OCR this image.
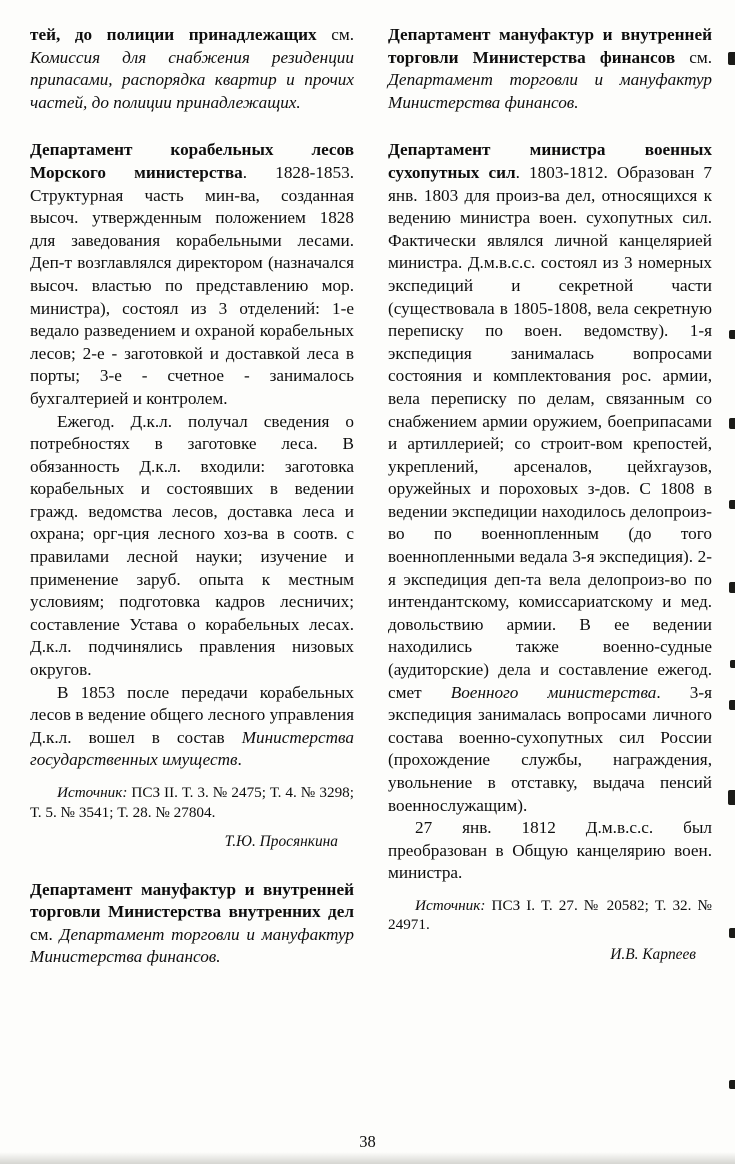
тей, до полиции принадлежащих см. Комиссия для снабжения резиденции припасами, распорядка квартир и прочих частей, до полиции принадлежащих.

Департамент корабельных лесов Морского министерства. 1828-1853. Структурная часть мин-ва, созданная высоч. утвержденным положением 1828 для заведования корабельными лесами. Деп-т возглавлялся директором (назначался высоч. властью по представлению мор. министра), состоял из 3 отделений: 1-е ведало разведением и охраной корабельных лесов; 2-е - заготовкой и доставкой леса в порты; 3-е - счетное - занималось бухгалтерией и контролем.

Ежегод. Д.к.л. получал сведения о потребностях в заготовке леса. В обязанность Д.к.л. входили: заготовка корабельных и состоявших в ведении гражд. ведомства лесов, доставка леса и охрана; орг-ция лесного хоз-ва в соотв. с правилами лесной науки; изучение и применение заруб. опыта к местным условиям; подготовка кадров лесничих; составление Устава о корабельных лесах. Д.к.л. подчинялись правления низовых округов.

В 1853 после передачи корабельных лесов в ведение общего лесного управления Д.к.л. вошел в состав Министерства государственных имуществ.

Источник: ПСЗ II. Т. 3. № 2475; Т. 4. № 3298; Т. 5. № 3541; Т. 28. № 27804.

Т.Ю. Просянкина

Департамент мануфактур и внутренней торговли Министерства внутренних дел см. Департамент торговли и мануфактур Министерства финансов.

Департамент мануфактур и внутренней торговли Министерства финансов см. Департамент торговли и мануфактур Министерства финансов.

Департамент министра военных сухопутных сил. 1803-1812. Образован 7 янв. 1803 для произ-ва дел, относящихся к ведению министра воен. сухопутных сил. Фактически являлся личной канцелярией министра. Д.м.в.с.с. состоял из 3 номерных экспедиций и секретной части (существовала в 1805-1808, вела секретную переписку по воен. ведомству). 1-я экспедиция занималась вопросами состояния и комплектования рос. армии, вела переписку по делам, связанным со снабжением армии оружием, боеприпасами и артиллерией; со строит-вом крепостей, укреплений, арсеналов, цейхгаузов, оружейных и пороховых з-дов. С 1808 в ведении экспедиции находилось делопроиз-во по военнопленным (до того военнопленными ведала 3-я экспедиция). 2-я экспедиция деп-та вела делопроиз-во по интендантскому, комиссариатскому и мед. довольствию армии. В ее ведении находились также военно-судные (аудиторские) дела и составление ежегод. смет Военного министерства. 3-я экспедиция занималась вопросами личного состава военно-сухопутных сил России (прохождение службы, награждения, увольнение в отставку, выдача пенсий военнослужащим).

27 янв. 1812 Д.м.в.с.с. был преобразован в Общую канцелярию воен. министра.

Источник: ПСЗ I. Т. 27. № 20582; Т. 32. № 24971.

И.В. Карпеев

38
